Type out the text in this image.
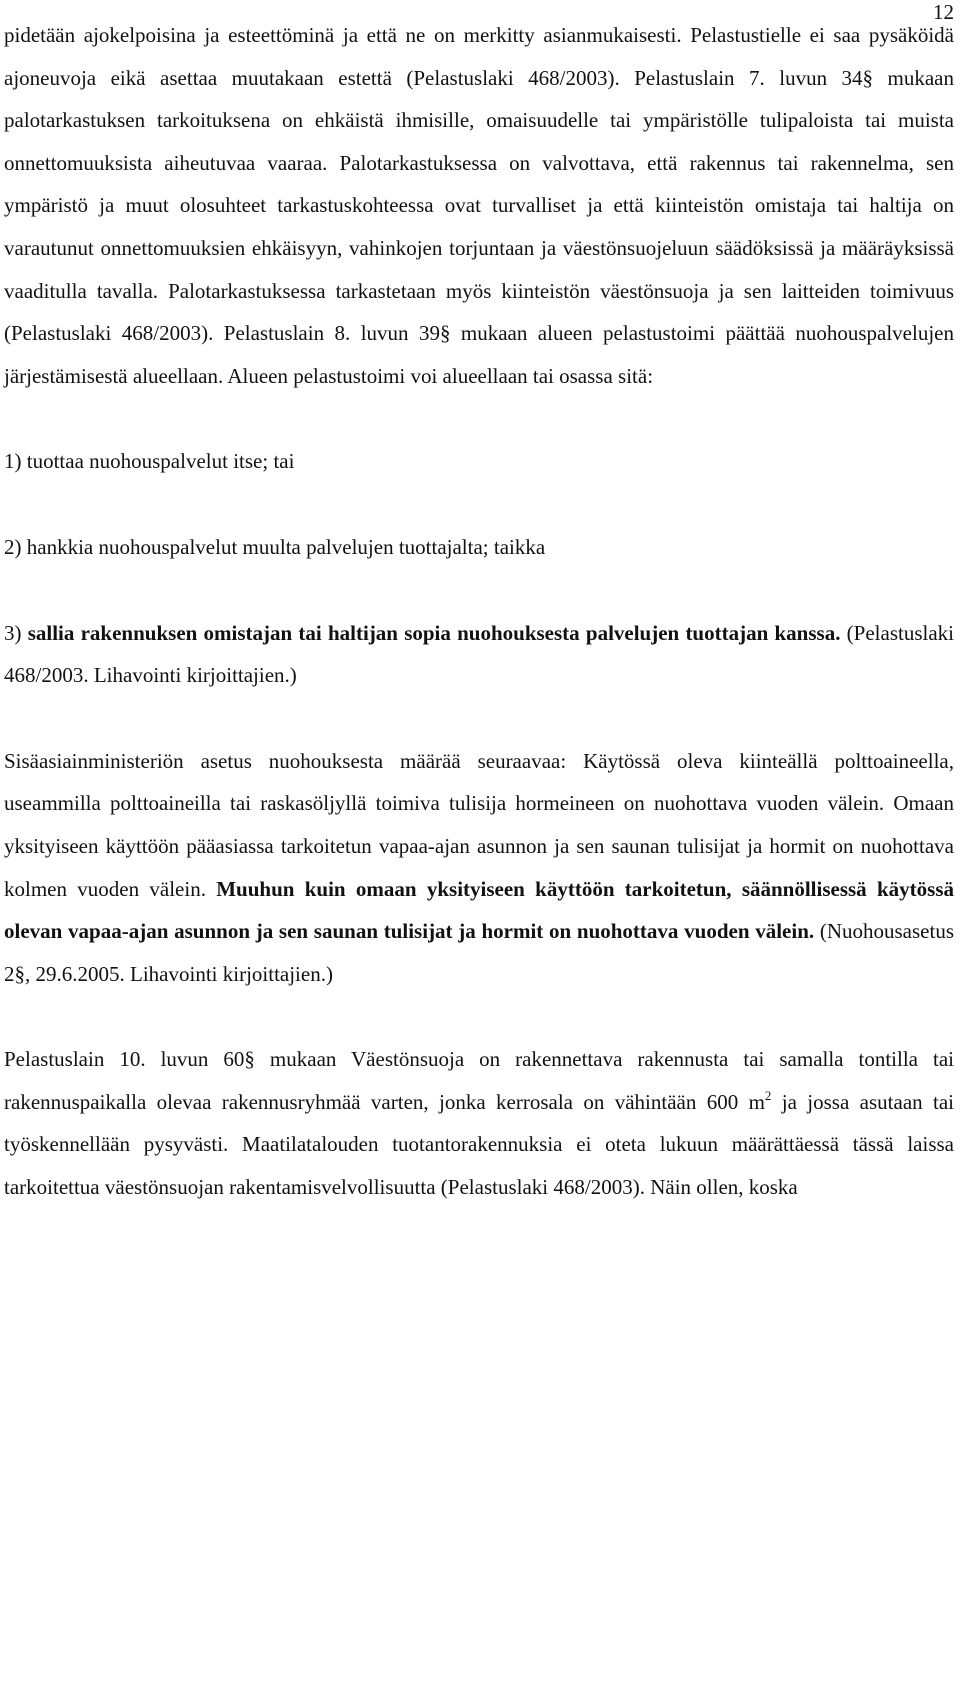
12

pidetään ajokelpoisina ja esteettöminä ja että ne on merkitty asianmukaisesti. Pelastustielle ei saa pysäköidä ajoneuvoja eikä asettaa muutakaan estettä (Pelastuslaki 468/2003). Pelastuslain 7. luvun 34§ mukaan palotarkastuksen tarkoituksena on ehkäistä ihmisille, omaisuudelle tai ympäristölle tulipaloista tai muista onnettomuuksista aiheutuvaa vaaraa. Palotarkastuksessa on valvottava, että rakennus tai rakennelma, sen ympäristö ja muut olosuhteet tarkastuskohteessa ovat turvalliset ja että kiinteistön omistaja tai haltija on varautunut onnettomuuksien ehkäisyyn, vahinkojen torjuntaan ja väestönsuojeluun säädöksissä ja määräyksissä vaaditulla tavalla. Palotarkastuksessa tarkastetaan myös kiinteistön väestönsuoja ja sen laitteiden toimivuus (Pelastuslaki 468/2003). Pelastuslain 8. luvun 39§ mukaan alueen pelastustoimi päättää nuohouspalvelujen järjestämisestä alueellaan. Alueen pelastustoimi voi alueellaan tai osassa sitä:

1) tuottaa nuohouspalvelut itse; tai

2) hankkia nuohouspalvelut muulta palvelujen tuottajalta; taikka

3) sallia rakennuksen omistajan tai haltijan sopia nuohouksesta palvelujen tuottajan kanssa. (Pelastuslaki 468/2003. Lihavointi kirjoittajien.)

Sisäasiainministeriön asetus nuohouksesta määrää seuraavaa: Käytössä oleva kiinteällä polttoaineella, useammilla polttoaineilla tai raskasöljyllä toimiva tulisija hormeineen on nuohottava vuoden välein. Omaan yksityiseen käyttöön pääasiassa tarkoitetun vapaa-ajan asunnon ja sen saunan tulisijat ja hormit on nuohottava kolmen vuoden välein. Muuhun kuin omaan yksityiseen käyttöön tarkoitetun, säännöllisessä käytössä olevan vapaa-ajan asunnon ja sen saunan tulisijat ja hormit on nuohottava vuoden välein. (Nuohousasetus 2§, 29.6.2005. Lihavointi kirjoittajien.)

Pelastuslain 10. luvun 60§ mukaan Väestönsuoja on rakennettava rakennusta tai samalla tontilla tai rakennuspaikalla olevaa rakennusryhmää varten, jonka kerrosala on vähintään 600 $m^2$ ja jossa asutaan tai työskennellään pysyvästi. Maatilatalouden tuotantorakennuksia ei oteta lukuun määrättäessä tässä laissa tarkoitettua väestönsuojan rakentamisvelvollisuutta (Pelastuslaki 468/2003). Näin ollen, koska
